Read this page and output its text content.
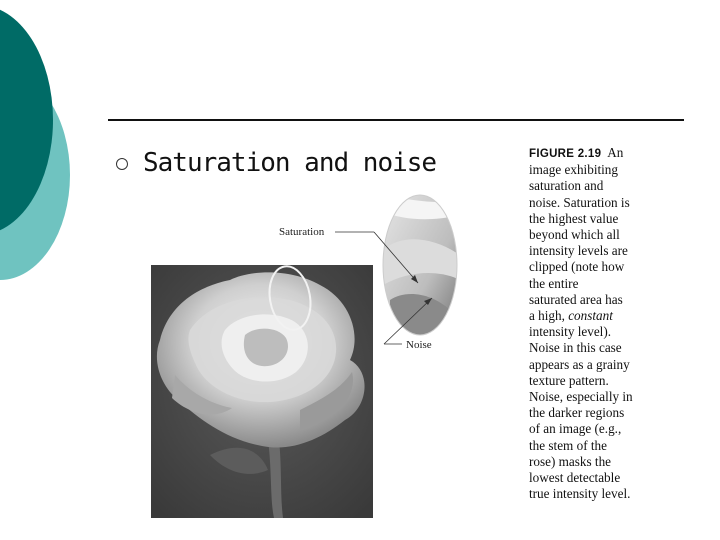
Saturation and noise
Saturation
Noise
FIGURE 2.19 An
image exhibiting
saturation and
noise. Saturation is
the highest value
beyond which all
intensity levels are
clipped (note how
the entire
saturated area has
a high, constant
intensity level).
Noise in this case
appears as a grainy
texture pattern.
Noise, especially in
the darker regions
of an image (e.g.,
the stem of the
rose) masks the
lowest detectable
true intensity level.
